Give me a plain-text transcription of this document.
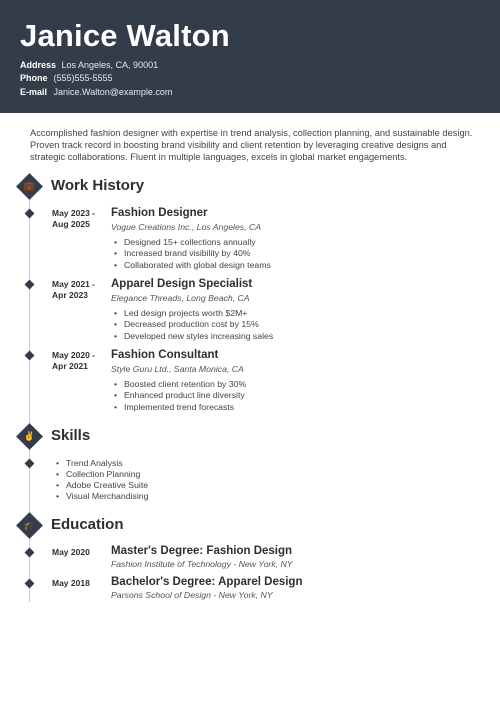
Janice Walton
Address Los Angeles, CA, 90001
Phone (555)555-5555
E-mail Janice.Walton@example.com
Accomplished fashion designer with expertise in trend analysis, collection planning, and sustainable design. Proven track record in boosting brand visibility and client retention by leveraging creative designs and strategic collaborations. Fluent in multiple languages, excels in global market engagements.
💼 Work History
May 2023 -
Aug 2025
Fashion Designer
Vogue Creations Inc., Los Angeles, CA
• Designed 15+ collections annually
• Increased brand visibility by 40%
• Collaborated with global design teams
May 2021 -
Apr 2023
Apparel Design Specialist
Elegance Threads, Long Beach, CA
• Led design projects worth $2M+
• Decreased production cost by 15%
• Developed new styles increasing sales
May 2020 -
Apr 2021
Fashion Consultant
Style Guru Ltd., Santa Monica, CA
• Boosted client retention by 30%
• Enhanced product line diversity
• Implemented trend forecasts
✌ Skills
• Trend Analysis
• Collection Planning
• Adobe Creative Suite
• Visual Merchandising
🎓 Education
May 2020 Master's Degree: Fashion Design
Fashion Institute of Technology - New York, NY
May 2018 Bachelor's Degree: Apparel Design
Parsons School of Design - New York, NY
